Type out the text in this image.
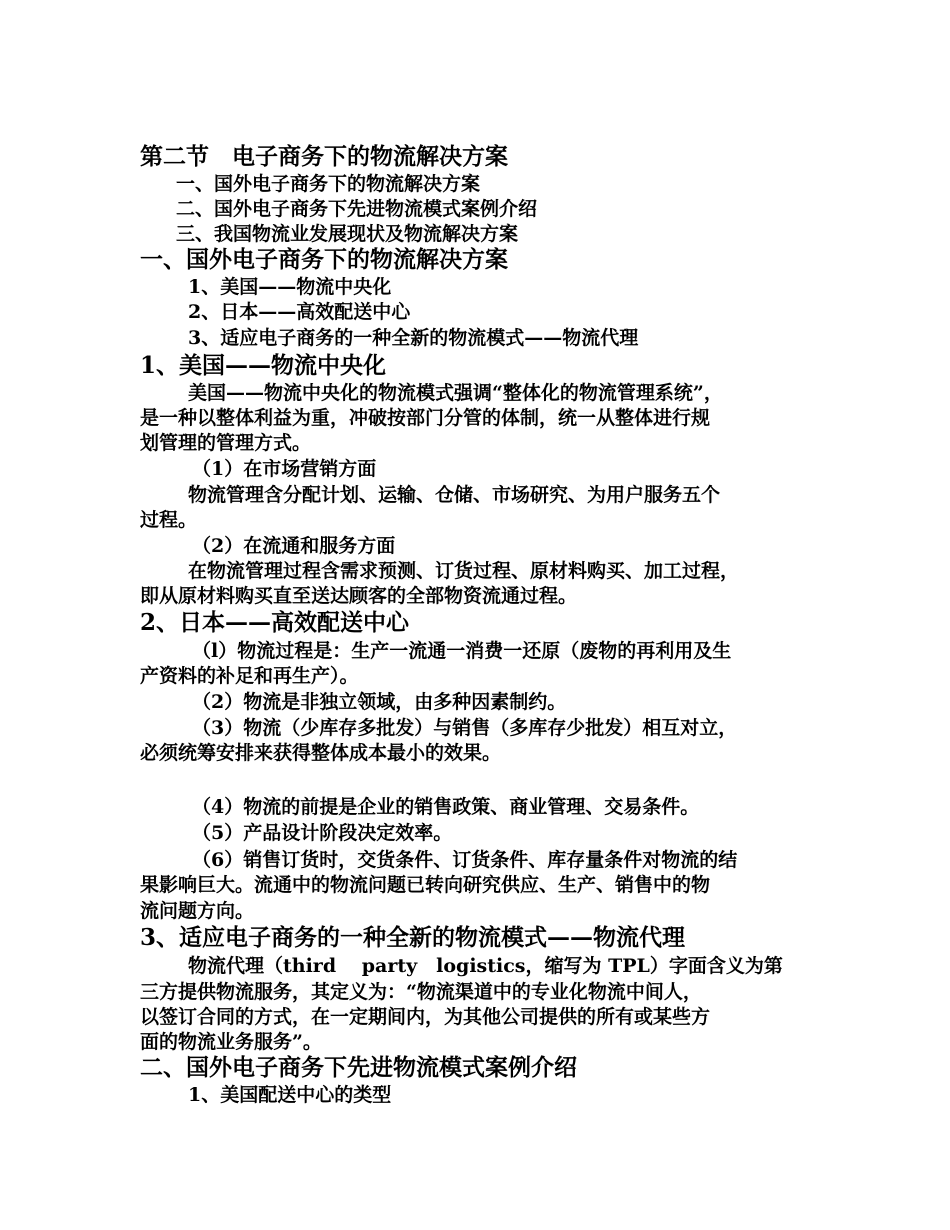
第二节　电子商务下的物流解决方案
一、国外电子商务下的物流解决方案
二、国外电子商务下先进物流模式案例介绍
三、我国物流业发展现状及物流解决方案
一、国外电子商务下的物流解决方案
1、美国——物流中央化
2、日本——高效配送中心
3、适应电子商务的一种全新的物流模式——物流代理
1、美国——物流中央化
美国——物流中央化的物流模式强调“整体化的物流管理系统”，
是一种以整体利益为重，冲破按部门分管的体制，统一从整体进行规
划管理的管理方式。
（1）在市场营销方面
物流管理含分配计划、运输、仓储、市场研究、为用户服务五个
过程。
（2）在流通和服务方面
在物流管理过程含需求预测、订货过程、原材料购买、加工过程，
即从原材料购买直至送达顾客的全部物资流通过程。
2、日本——高效配送中心
（l）物流过程是：生产一流通一消费一还原（废物的再利用及生
产资料的补足和再生产）。
（2）物流是非独立领域，由多种因素制约。
（3）物流（少库存多批发）与销售（多库存少批发）相互对立，
必须统筹安排来获得整体成本最小的效果。
（4）物流的前提是企业的销售政策、商业管理、交易条件。
（5）产品设计阶段决定效率。
（6）销售订货时，交货条件、订货条件、库存量条件对物流的结
果影响巨大。流通中的物流问题已转向研究供应、生产、销售中的物
流问题方向。
3、适应电子商务的一种全新的物流模式——物流代理
物流代理（third　 party　logistics，缩写为 TPL）字面含义为第
三方提供物流服务，其定义为：“物流渠道中的专业化物流中间人，
以签订合同的方式，在一定期间内，为其他公司提供的所有或某些方
面的物流业务服务”。
二、国外电子商务下先进物流模式案例介绍
1、美国配送中心的类型
